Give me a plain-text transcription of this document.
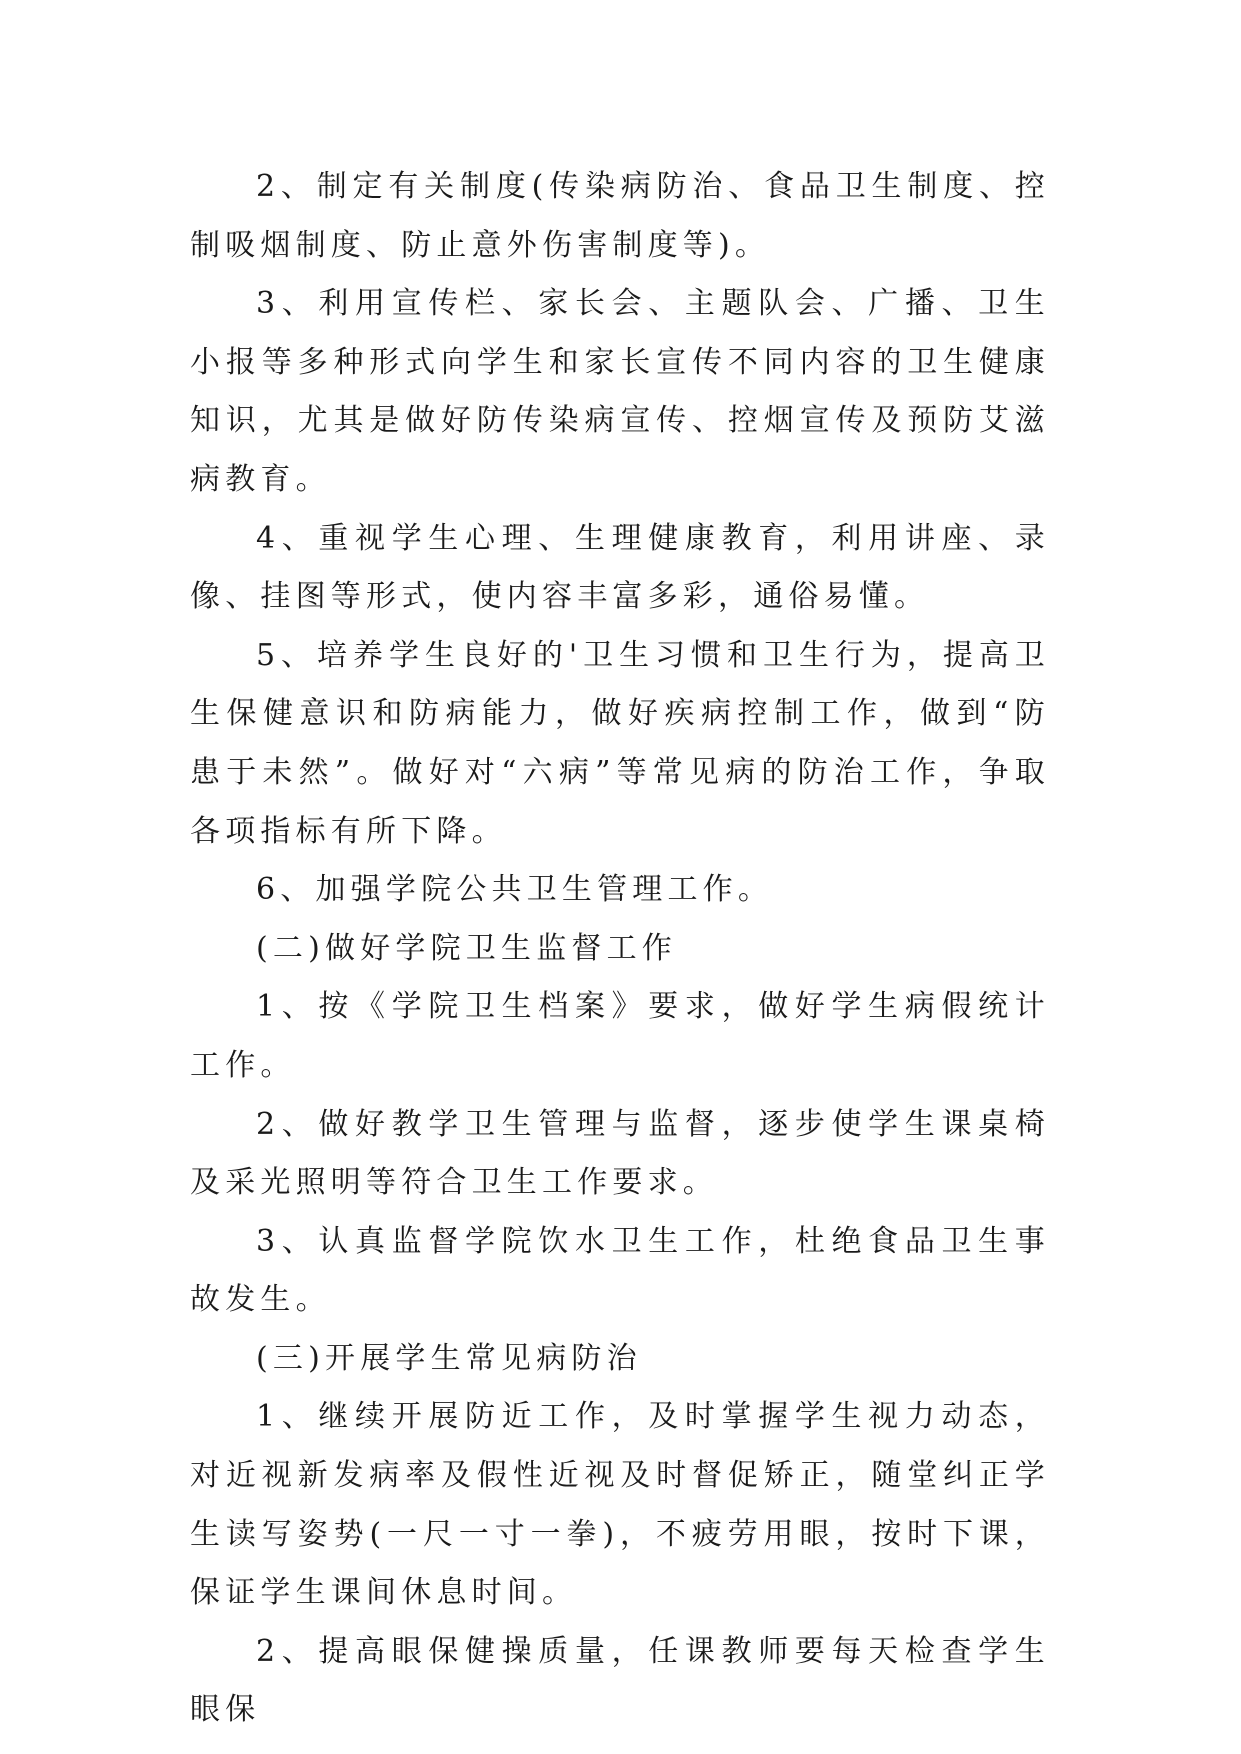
2、制定有关制度(传染病防治、食品卫生制度、控制吸烟制度、防止意外伤害制度等)。

3、利用宣传栏、家长会、主题队会、广播、卫生小报等多种形式向学生和家长宣传不同内容的卫生健康知识，尤其是做好防传染病宣传、控烟宣传及预防艾滋病教育。

4、重视学生心理、生理健康教育，利用讲座、录像、挂图等形式，使内容丰富多彩，通俗易懂。

5、培养学生良好的'卫生习惯和卫生行为，提高卫生保健意识和防病能力，做好疾病控制工作，做到“防患于未然”。做好对“六病”等常见病的防治工作，争取各项指标有所下降。

6、加强学院公共卫生管理工作。

(二)做好学院卫生监督工作

1、按《学院卫生档案》要求，做好学生病假统计工作。

2、做好教学卫生管理与监督，逐步使学生课桌椅及采光照明等符合卫生工作要求。

3、认真监督学院饮水卫生工作，杜绝食品卫生事故发生。

(三)开展学生常见病防治

1、继续开展防近工作，及时掌握学生视力动态，对近视新发病率及假性近视及时督促矫正，随堂纠正学生读写姿势(一尺一寸一拳)，不疲劳用眼，按时下课，保证学生课间休息时间。

2、提高眼保健操质量，任课教师要每天检查学生眼保
